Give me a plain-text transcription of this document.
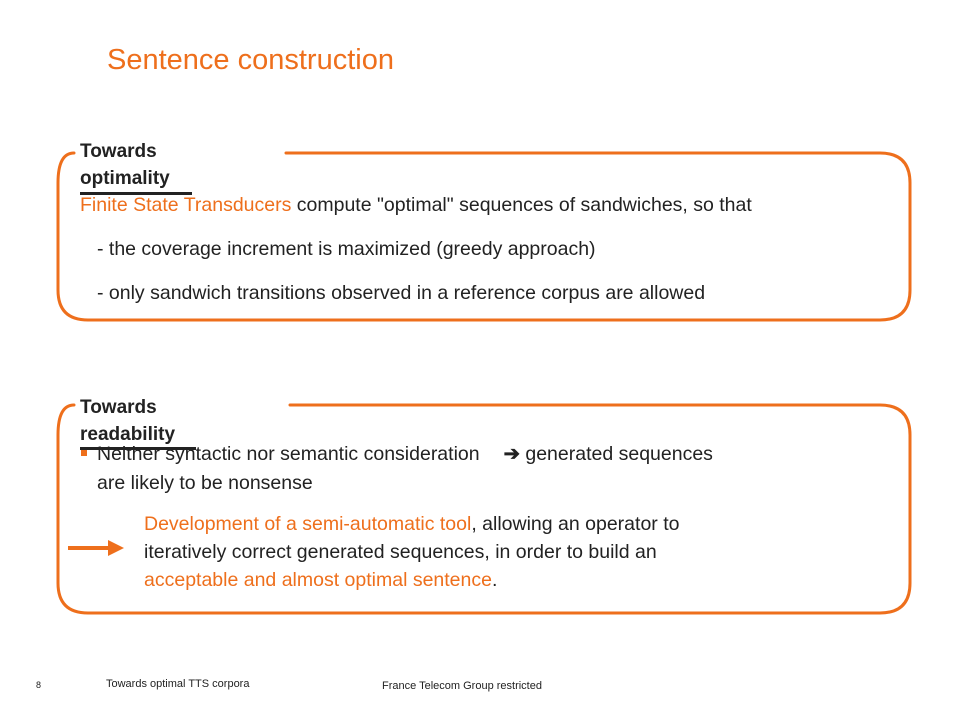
Sentence construction
Towards optimality
Finite State Transducers compute "optimal" sequences of sandwiches, so that
- the coverage increment is maximized (greedy approach)
- only sandwich transitions observed in a reference corpus are allowed
Towards readability
Neither syntactic nor semantic consideration ➔ generated sequences
are likely to be nonsense
Development of a semi-automatic tool, allowing an operator to
iteratively correct generated sequences, in order to build an
acceptable and almost optimal sentence.
8	Towards optimal TTS corpora	France Telecom Group restricted
